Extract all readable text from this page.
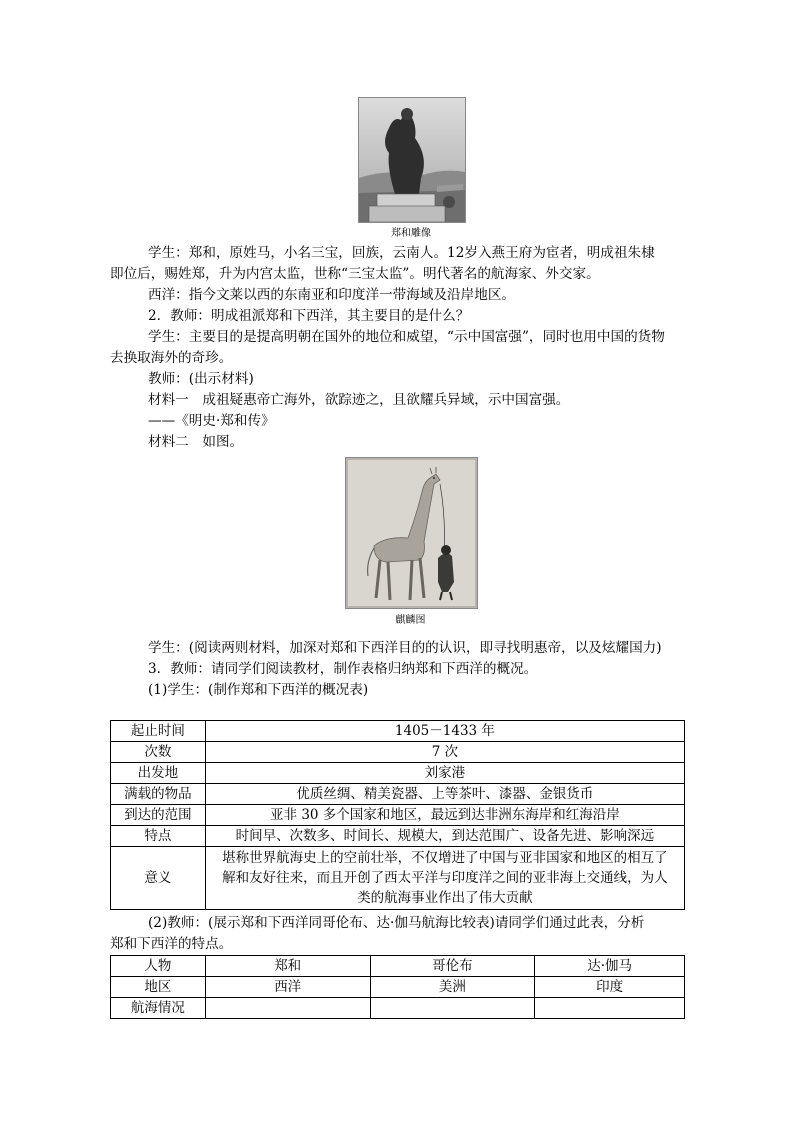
郑和雕像
学生：郑和，原姓马，小名三宝，回族，云南人。12岁入燕王府为宦者，明成祖朱棣
即位后，赐姓郑，升为内宫太监，世称“三宝太监”。明代著名的航海家、外交家。
西洋：指今文莱以西的东南亚和印度洋一带海域及沿岸地区。
2．教师：明成祖派郑和下西洋，其主要目的是什么？
学生：主要目的是提高明朝在国外的地位和威望，“示中国富强”，同时也用中国的货物
去换取海外的奇珍。
教师：(出示材料)
材料一　成祖疑惠帝亡海外，欲踪迹之，且欲耀兵异域，示中国富强。
——《明史·郑和传》
材料二　如图。
麒麟图
学生：(阅读两则材料，加深对郑和下西洋目的的认识，即寻找明惠帝，以及炫耀国力)
3．教师：请同学们阅读教材，制作表格归纳郑和下西洋的概况。
(1)学生：(制作郑和下西洋的概况表)
起止时间	1405－1433 年
次数	7 次
出发地	刘家港
满载的物品	优质丝绸、精美瓷器、上等茶叶、漆器、金银货币
到达的范围	亚非 30 多个国家和地区，最远到达非洲东海岸和红海沿岸
特点	时间早、次数多、时间长、规模大，到达范围广、设备先进、影响深远
意义	堪称世界航海史上的空前壮举，不仅增进了中国与亚非国家和地区的相互了
解和友好往来，而且开创了西太平洋与印度洋之间的亚非海上交通线，为人
类的航海事业作出了伟大贡献
(2)教师：(展示郑和下西洋同哥伦布、达·伽马航海比较表)请同学们通过此表，分析
郑和下西洋的特点。
人物	郑和	哥伦布	达·伽马
地区	西洋	美洲	印度
航海情况			
